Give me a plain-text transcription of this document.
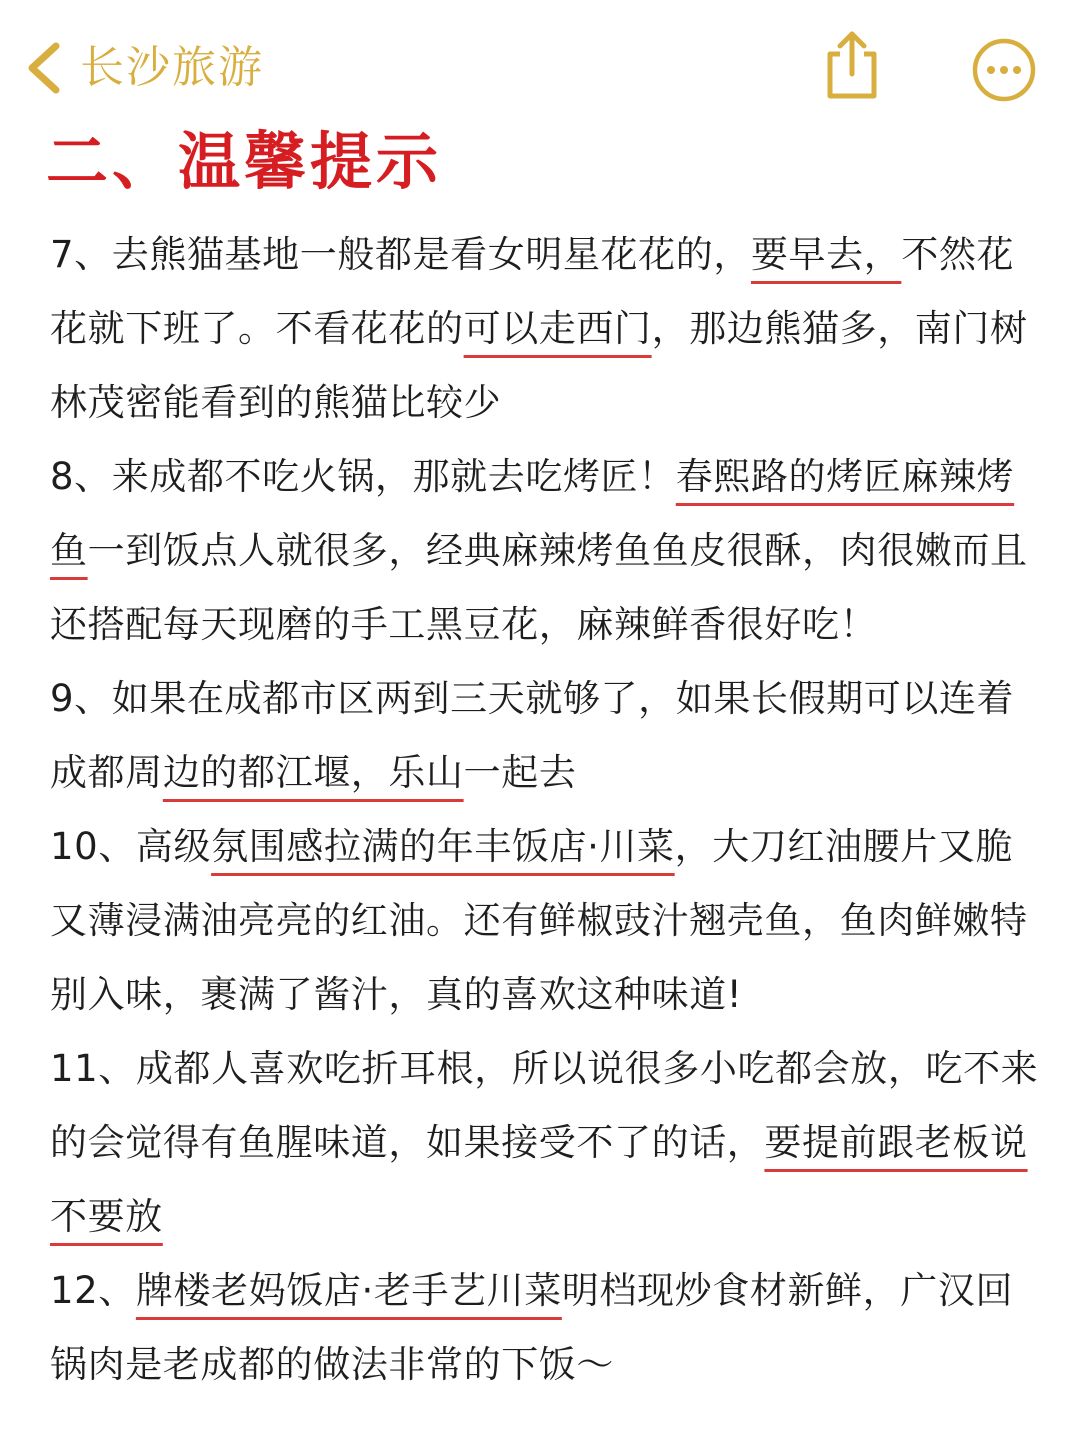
长沙旅游
二、温馨提示

7、去熊猫基地一般都是看女明星花花的，要早去，不然花花就下班了。不看花花的可以走西门，那边熊猫多，南门树林茂密能看到的熊猫比较少

8、来成都不吃火锅，那就去吃烤匠！春熙路的烤匠麻辣烤鱼一到饭点人就很多，经典麻辣烤鱼鱼皮很酥，肉很嫩而且还搭配每天现磨的手工黑豆花，麻辣鲜香很好吃！

9、如果在成都市区两到三天就够了，如果长假期可以连着成都周边的都江堰，乐山一起去

10、高级氛围感拉满的年丰饭店·川菜，大刀红油腰片又脆又薄浸满油亮亮的红油。还有鲜椒豉汁翘壳鱼，鱼肉鲜嫩特别入味，裹满了酱汁，真的喜欢这种味道!

11、成都人喜欢吃折耳根，所以说很多小吃都会放，吃不来的会觉得有鱼腥味道，如果接受不了的话，要提前跟老板说不要放

12、牌楼老妈饭店·老手艺川菜明档现炒食材新鲜，广汉回锅肉是老成都的做法非常的下饭～
